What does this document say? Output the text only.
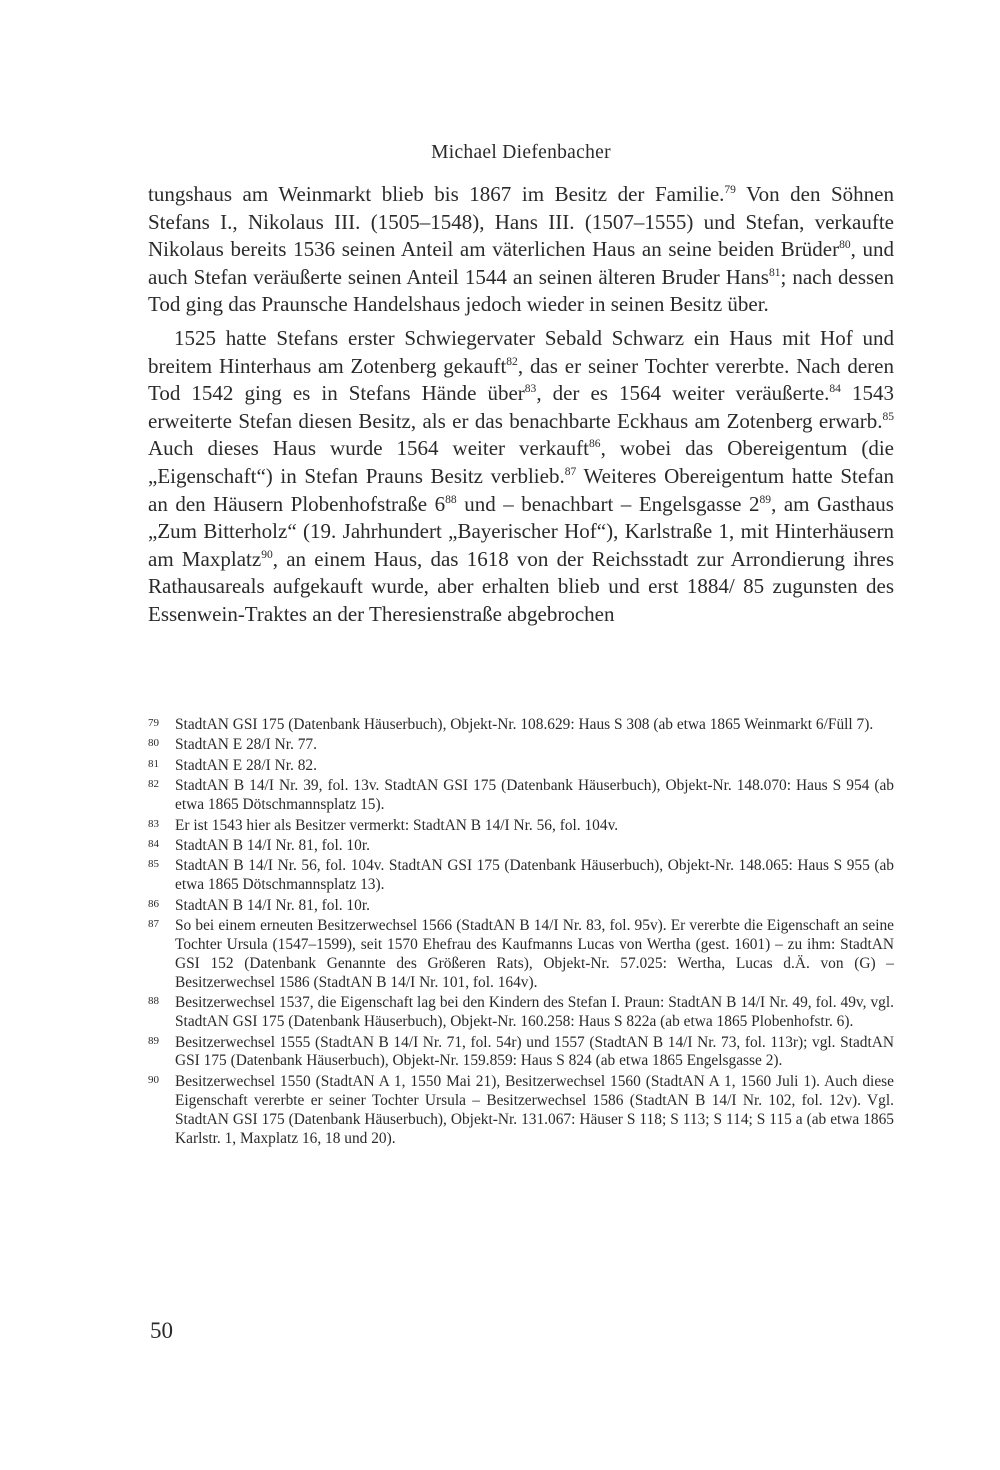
Michael Diefenbacher

tungshaus am Weinmarkt blieb bis 1867 im Besitz der Familie.$^{79}$ Von den Söhnen Stefans I., Nikolaus III. (1505–1548), Hans III. (1507–1555) und Stefan, verkaufte Nikolaus bereits 1536 seinen Anteil am väterlichen Haus an seine beiden Brüder$^{80}$, und auch Stefan veräußerte seinen Anteil 1544 an seinen älteren Bruder Hans$^{81}$; nach dessen Tod ging das Praunsche Handelshaus jedoch wieder in seinen Besitz über.

1525 hatte Stefans erster Schwiegervater Sebald Schwarz ein Haus mit Hof und breitem Hinterhaus am Zotenberg gekauft$^{82}$, das er seiner Tochter vererbte. Nach deren Tod 1542 ging es in Stefans Hände über$^{83}$, der es 1564 weiter veräußerte.$^{84}$ 1543 erweiterte Stefan diesen Besitz, als er das benachbarte Eckhaus am Zotenberg erwarb.$^{85}$ Auch dieses Haus wurde 1564 weiter verkauft$^{86}$, wobei das Obereigentum (die „Eigenschaft“) in Stefan Prauns Besitz verblieb.$^{87}$ Weiteres Obereigentum hatte Stefan an den Häusern Plobenhofstraße $6^{88}$ und – benachbart – Engelsgasse $2^{89}$, am Gasthaus „Zum Bitterholz“ (19. Jahrhundert „Bayerischer Hof“), Karlstraße 1, mit Hinterhäusern am Maxplatz$^{90}$, an einem Haus, das 1618 von der Reichsstadt zur Arrondierung ihres Rathausareals aufgekauft wurde, aber erhalten blieb und erst 1884/ 85 zugunsten des Essenwein-Traktes an der Theresienstraße abgebrochen

79	StadtAN GSI 175 (Datenbank Häuserbuch), Objekt-Nr. 108.629: Haus S 308 (ab etwa 1865 Weinmarkt 6/Füll 7).
80	StadtAN E 28/I Nr. 77.
81	StadtAN E 28/I Nr. 82.
82	StadtAN B 14/I Nr. 39, fol. 13v. StadtAN GSI 175 (Datenbank Häuserbuch), Objekt-Nr. 148.070: Haus S 954 (ab etwa 1865 Dötschmannsplatz 15).
83	Er ist 1543 hier als Besitzer vermerkt: StadtAN B 14/I Nr. 56, fol. 104v.
84	StadtAN B 14/I Nr. 81, fol. 10r.
85	StadtAN B 14/I Nr. 56, fol. 104v. StadtAN GSI 175 (Datenbank Häuserbuch), Objekt-Nr. 148.065: Haus S 955 (ab etwa 1865 Dötschmannsplatz 13).
86	StadtAN B 14/I Nr. 81, fol. 10r.
87	So bei einem erneuten Besitzerwechsel 1566 (StadtAN B 14/I Nr. 83, fol. 95v). Er vererbte die Eigenschaft an seine Tochter Ursula (1547–1599), seit 1570 Ehefrau des Kaufmanns Lucas von Wertha (gest. 1601) – zu ihm: StadtAN GSI 152 (Datenbank Genannte des Größeren Rats), Objekt-Nr. 57.025: Wertha, Lucas d.Ä. von (G) – Besitzerwechsel 1586 (StadtAN B 14/I Nr. 101, fol. 164v).
88	Besitzerwechsel 1537, die Eigenschaft lag bei den Kindern des Stefan I. Praun: StadtAN B 14/I Nr. 49, fol. 49v, vgl. StadtAN GSI 175 (Datenbank Häuserbuch), Objekt-Nr. 160.258: Haus S 822a (ab etwa 1865 Plobenhofstr. 6).
89	Besitzerwechsel 1555 (StadtAN B 14/I Nr. 71, fol. 54r) und 1557 (StadtAN B 14/I Nr. 73, fol. 113r); vgl. StadtAN GSI 175 (Datenbank Häuserbuch), Objekt-Nr. 159.859: Haus S 824 (ab etwa 1865 Engelsgasse 2).
90	Besitzerwechsel 1550 (StadtAN A 1, 1550 Mai 21), Besitzerwechsel 1560 (StadtAN A 1, 1560 Juli 1). Auch diese Eigenschaft vererbte er seiner Tochter Ursula – Besitzerwechsel 1586 (StadtAN B 14/I Nr. 102, fol. 12v). Vgl. StadtAN GSI 175 (Datenbank Häuserbuch), Objekt-Nr. 131.067: Häuser S 118; S 113; S 114; S 115 a (ab etwa 1865 Karlstr. 1, Maxplatz 16, 18 und 20).
50
